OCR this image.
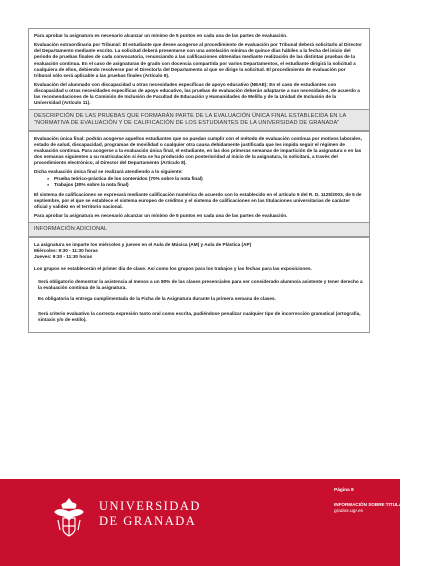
Para aprobar la asignatura es necesario alcanzar un mínimo de 5 puntos en cada una de las partes de evaluación.

Evaluación extraordinaria por Tribunal: El estudiante que desee acogerse al procedimiento de evaluación por Tribunal deberá solicitarlo al Director del Departamento mediante escrito. La solicitud deberá presentarse con una antelación mínima de quince días hábiles a la fecha del inicio del periodo de pruebas finales de cada convocatoria, renunciando a las calificaciones obtenidas mediante realización de las distintas pruebas de la evaluación continua. En el caso de asignaturas de grado con docencia compartida por varios Departamentos, el estudiante dirigirá la solicitud a cualquiera de ellos, debiendo resolverse por el Director/a del Departamento al que se dirige la solicitud. El procedimiento de evaluación por tribunal sólo será aplicable a las pruebas finales (Artículo 9).

Evaluación del alumnado con discapacidad u otras necesidades específicas de apoyo educativo (NEAE): En el caso de estudiantes con discapacidad u otras necesidades específicas de apoyo educativo, las pruebas de evaluación deberán adaptarse a sus necesidades, de acuerdo a las recomendaciones de la Comisión de Inclusión de Facultad de Educación y Humanidades de Melilla y de la Unidad de Inclusión de la Universidad (Artículo 11).

DESCRIPCIÓN DE LAS PRUEBAS QUE FORMARÁN PARTE DE LA EVALUACIÓN ÚNICA FINAL ESTABLECIDA EN LA "NORMATIVA DE EVALUACIÓN Y DE CALIFICACIÓN DE LOS ESTUDIANTES DE LA UNIVERSIDAD DE GRANADA"

Evaluación única final: podrán acogerse aquellos estudiantes que no puedan cumplir con el método de evaluación continua por motivos laborales, estado de salud, discapacidad, programas de movilidad o cualquier otra causa debidamente justificada que les impida seguir el régimen de evaluación continua. Para acogerse a la evaluación única final, el estudiante, en las dos primeras semanas de impartición de la asignatura o en las dos semanas siguientes a su matriculación si ésta se ha producido con posterioridad al inicio de la asignatura, lo solicitará, a través del procedimiento electrónico, al Director del Departamento (Artículo 8).

Dicha evaluación única final se realizará atendiendo a lo siguiente:

● Prueba teórico-práctica de los contenidos (70% sobre la nota final)
● Trabajos (30% sobre la nota final)

El sistema de calificaciones se expresará mediante calificación numérica de acuerdo con lo establecido en el artículo 5 del R. D. 1125/2003, de 5 de septiembre, por el que se establece el sistema europeo de créditos y el sistema de calificaciones en las titulaciones universitarias de carácter oficial y validez en el territorio nacional.

Para aprobar la asignatura es necesario alcanzar un mínimo de 5 puntos en cada una de las partes de evaluación.

INFORMACIÓN ADICIONAL

La asignatura se imparte los miércoles y jueves en el Aula de Música (AM) y Aula de Plástica (AP)

Miércoles: 9:30 - 11:30 horas

Jueves: 9:30 - 11:30 horas

Los grupos se establecerán el primer día de clase. Así como los grupos para los trabajos y las fechas para las exposiciones.

Será obligatorio demostrar la asistencia al menos a un 80% de las clases presenciales para ser considerado alumno/a asistente y tener derecho a la evaluación continua de la asignatura.

Es obligatoria la entrega cumplimentada de la Ficha de la Asignatura durante la primera semana de clases.

Será criterio evaluativo la correcta expresión tanto oral como escrita, pudiéndose penalizar cualquier tipo de incorrección gramatical (ortografía, sintaxis y/o de estilo).

UNIVERSIDAD
DE GRANADA
Página 8
INFORMACIÓN SOBRE TITULACIONES DE LA UGR
grados.ugr.es
